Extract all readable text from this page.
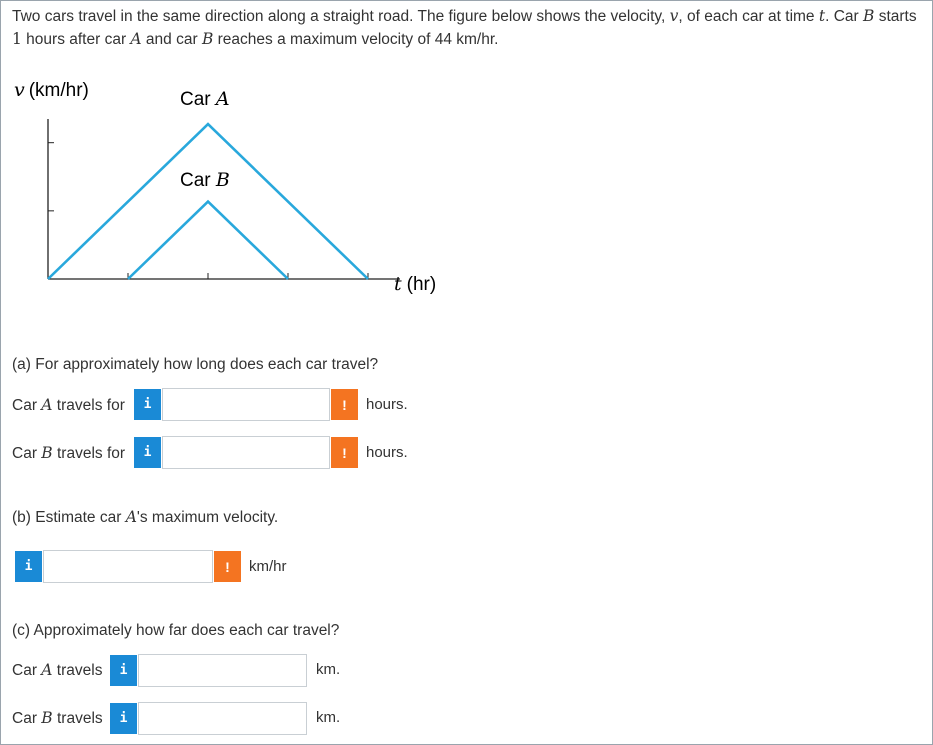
Two cars travel in the same direction along a straight road. The figure below shows the velocity, v, of each car at time t. Car B starts 1 hours after car A and car B reaches a maximum velocity of 44 km/hr.
v (km/hr)	Car A
Car B
t (hr)
(a) For approximately how long does each car travel?
Car A travels for	i	!	hours.
Car B travels for	i	!	hours.
(b) Estimate car A's maximum velocity.
i	!	km/hr
(c) Approximately how far does each car travel?
Car A travels	i	km.
Car B travels	i	km.
